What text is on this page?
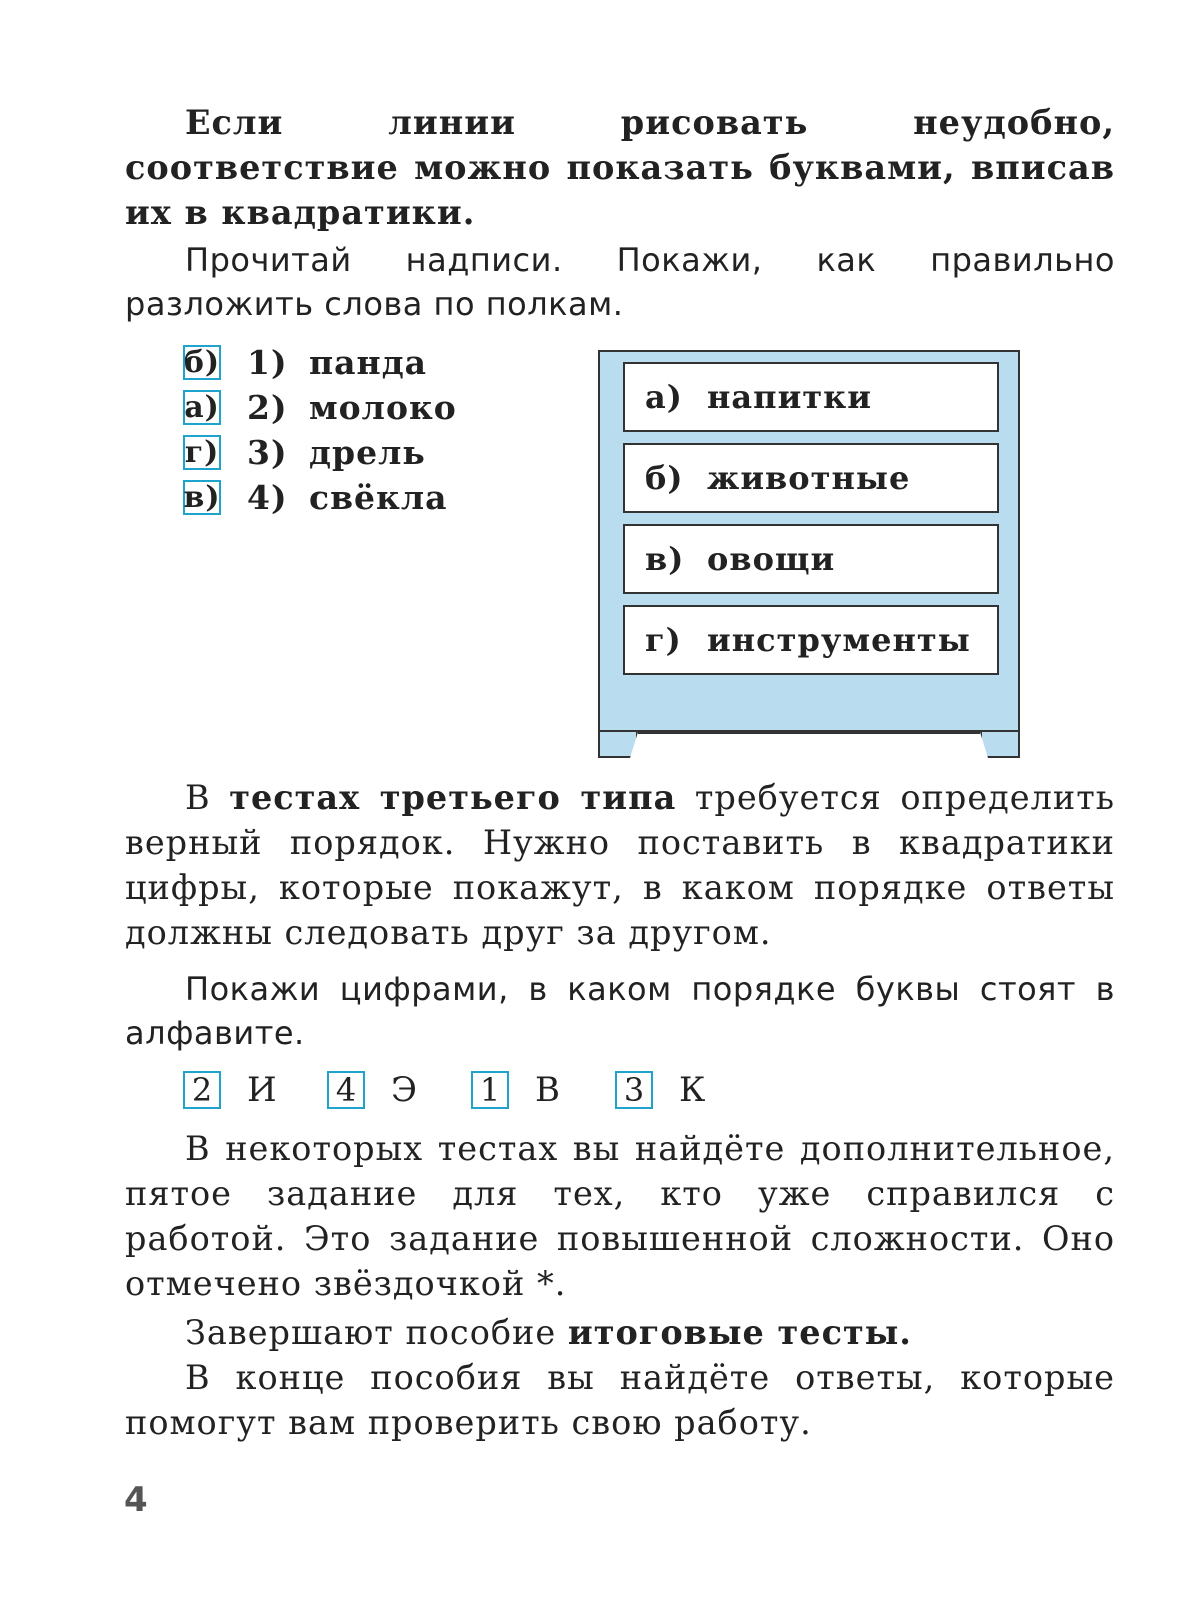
Если линии рисовать неудобно, соответствие можно показать буквами, вписав их в квадратики.

Прочитай надписи. Покажи, как правильно разложить слова по полкам.

б) 1) панда
а) 2) молоко
г) 3) дрель
в) 4) свёкла
а) напитки
б) животные
в) овощи
г) инструменты

В тестах третьего типа требуется определить верный порядок. Нужно поставить в квадратики цифры, которые покажут, в каком порядке ответы должны следовать друг за другом.

Покажи цифрами, в каком порядке буквы стоят в алфавите.

2 И	4 Э	1 В	3 К

В некоторых тестах вы найдёте дополнительное, пятое задание для тех, кто уже справился с работой. Это задание повышенной сложности. Оно отмечено звёздочкой *.

Завершают пособие итоговые тесты.

В конце пособия вы найдёте ответы, которые помогут вам проверить свою работу.

4
